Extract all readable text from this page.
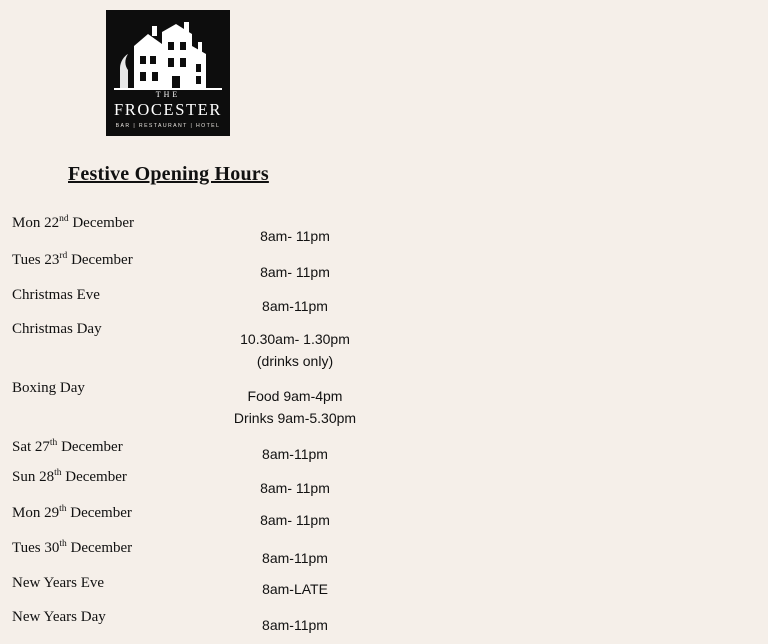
THE
FROCESTER
BAR | RESTAURANT | HOTEL
Festive Opening Hours
Mon 22nd December
8am- 11pm
Tues 23rd December
8am- 11pm
Christmas Eve
8am-11pm
Christmas Day
10.30am- 1.30pm
(drinks only)
Boxing Day	Food 9am-4pm
Drinks 9am-5.30pm
Sat 27th December	8am-11pm
Sun 28th December
8am- 11pm
Mon 29th December	8am- 11pm
Tues 30th December
8am-11pm
New Years Eve	8am-LATE
New Years Day	8am-11pm
